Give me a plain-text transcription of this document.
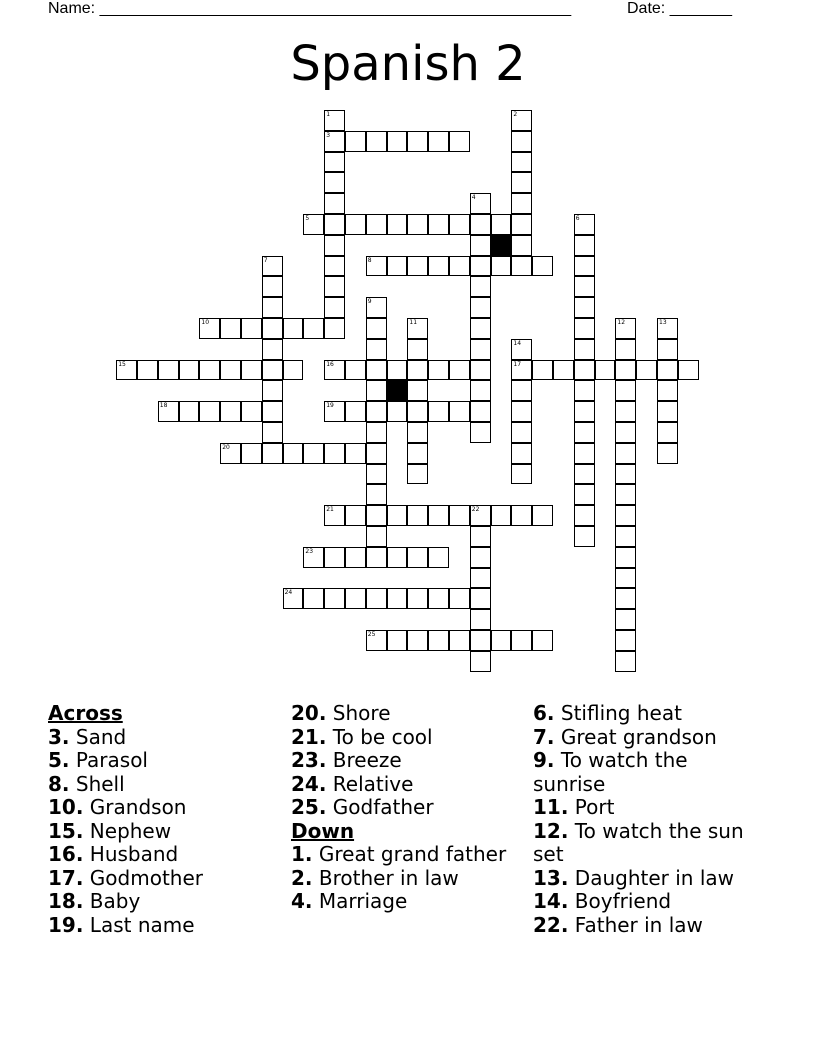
Name: _____________________________________________________	Date: _______
Spanish 2
1	2
3
4
5	6
7	8
9
10	11	12	13
14
15	16	17
18	19
20
21	22
23
24
25
Across
3. Sand
5. Parasol
8. Shell
10. Grandson
15. Nephew
16. Husband
17. Godmother
18. Baby
19. Last name
20. Shore
21. To be cool
23. Breeze
24. Relative
25. Godfather
Down
1. Great grand father
2. Brother in law
4. Marriage
6. Stifling heat
7. Great grandson
9. To watch the sunrise
11. Port
12. To watch the sun set
13. Daughter in law
14. Boyfriend
22. Father in law
